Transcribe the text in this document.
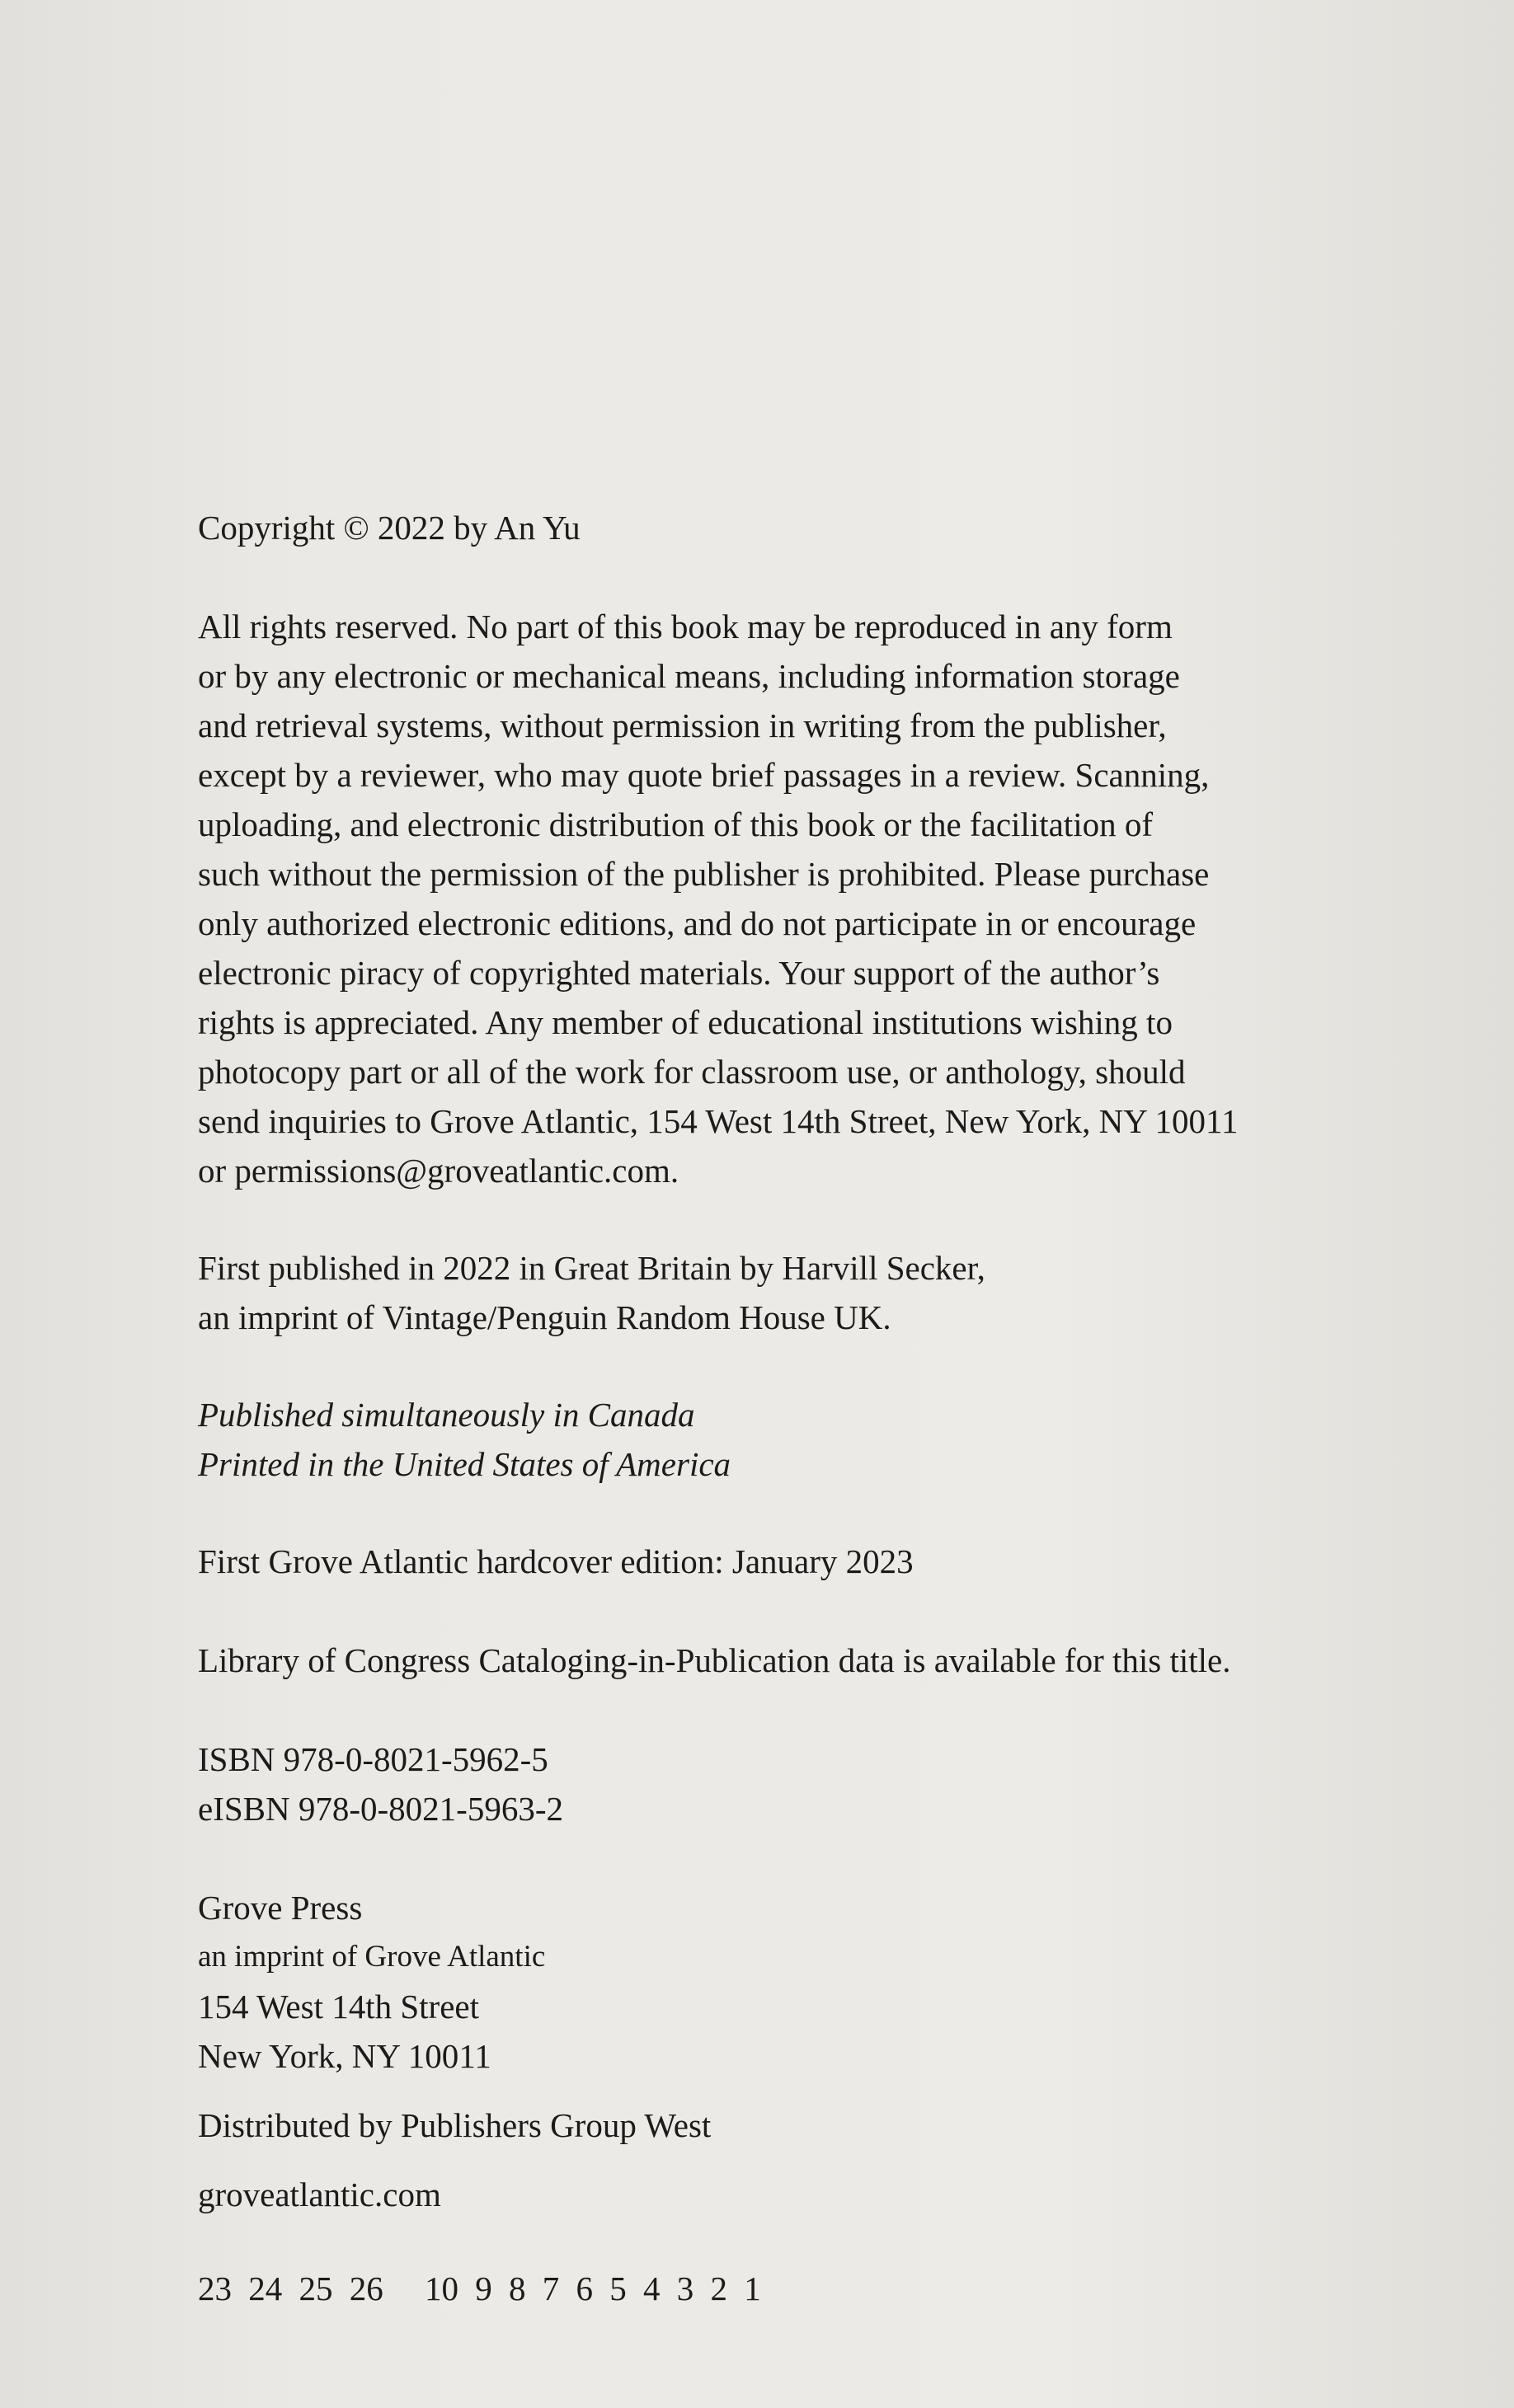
Copyright © 2022 by An Yu

All rights reserved. No part of this book may be reproduced in any form
or by any electronic or mechanical means, including information storage
and retrieval systems, without permission in writing from the publisher,
except by a reviewer, who may quote brief passages in a review. Scanning,
uploading, and electronic distribution of this book or the facilitation of
such without the permission of the publisher is prohibited. Please purchase
only authorized electronic editions, and do not participate in or encourage
electronic piracy of copyrighted materials. Your support of the author’s
rights is appreciated. Any member of educational institutions wishing to
photocopy part or all of the work for classroom use, or anthology, should
send inquiries to Grove Atlantic, 154 West 14th Street, New York, NY 10011
or permissions@groveatlantic.com.

First published in 2022 in Great Britain by Harvill Secker,
an imprint of Vintage/Penguin Random House UK.

Published simultaneously in Canada
Printed in the United States of America

First Grove Atlantic hardcover edition: January 2023

Library of Congress Cataloging-in-Publication data is available for this title.

ISBN 978-0-8021-5962-5
eISBN 978-0-8021-5963-2

Grove Press
an imprint of Grove Atlantic
154 West 14th Street
New York, NY 10011

Distributed by Publishers Group West

groveatlantic.com

23 24 25 26 10 9 8 7 6 5 4 3 2 1
